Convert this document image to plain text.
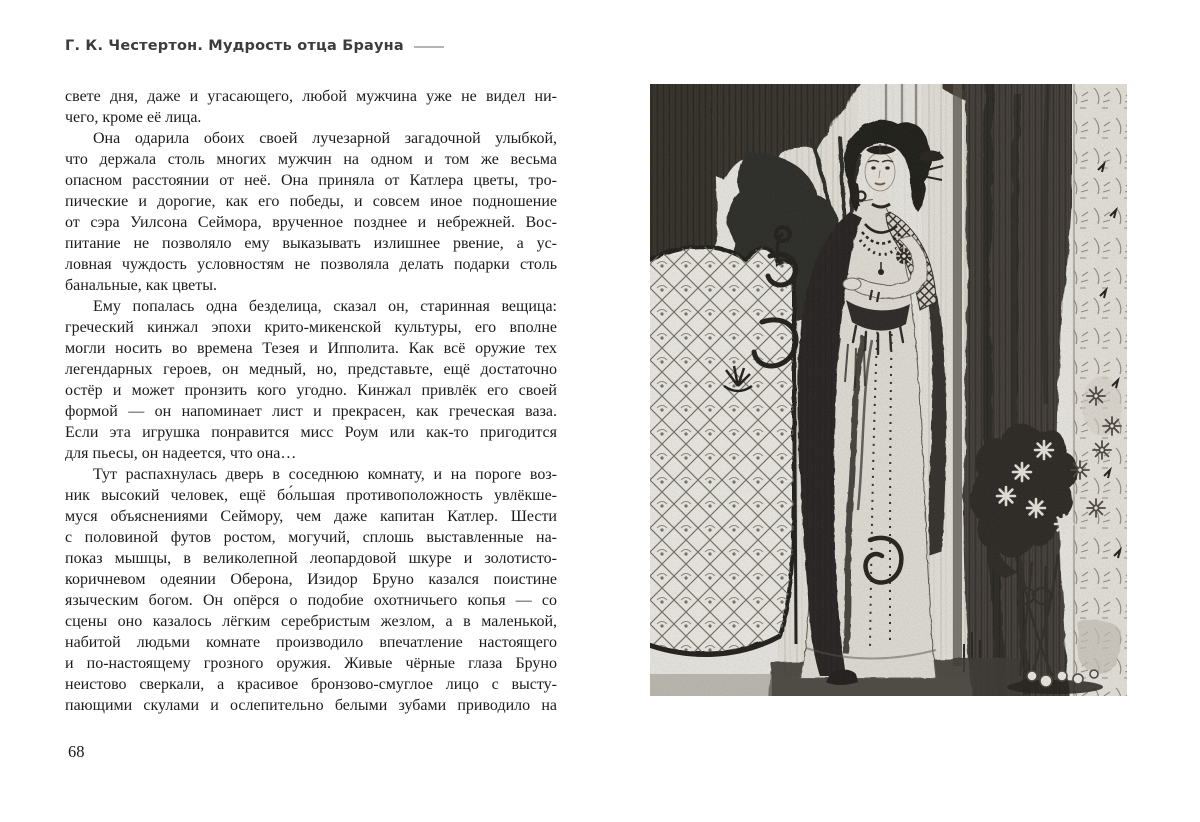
Г. К. Честертон. Мудрость отца Брауна
свете дня, даже и угасающего, любой мужчина уже не видел ни-
чего, кроме её лица.
Она одарила обоих своей лучезарной загадочной улыбкой,
что держала столь многих мужчин на одном и том же весьма
опасном расстоянии от неё. Она приняла от Катлера цветы, тро-
пические и дорогие, как его победы, и совсем иное подношение
от сэра Уилсона Сеймора, врученное позднее и небрежней. Вос-
питание не позволяло ему выказывать излишнее рвение, а ус-
ловная чуждость условностям не позволяла делать подарки столь
банальные, как цветы.
Ему попалась одна безделица, сказал он, старинная вещица:
греческий кинжал эпохи крито-микенской культуры, его вполне
могли носить во времена Тезея и Ипполита. Как всё оружие тех
легендарных героев, он медный, но, представьте, ещё достаточно
остёр и может пронзить кого угодно. Кинжал привлёк его своей
формой — он напоминает лист и прекрасен, как греческая ваза.
Если эта игрушка понравится мисс Роум или как-то пригодится
для пьесы, он надеется, что она…
Тут распахнулась дверь в соседнюю комнату, и на пороге воз-
ник высокий человек, ещё бо́льшая противоположность увлёкше-
муся объяснениями Сеймору, чем даже капитан Катлер. Шести
с половиной футов ростом, могучий, сплошь выставленные на-
показ мышцы, в великолепной леопардовой шкуре и золотисто-
коричневом одеянии Оберона, Изидор Бруно казался поистине
языческим богом. Он опёрся о подобие охотничьего копья — со
сцены оно казалось лёгким серебристым жезлом, а в маленькой,
набитой людьми комнате производило впечатление настоящего
и по-настоящему грозного оружия. Живые чёрные глаза Бруно
неистово сверкали, а красивое бронзово-смуглое лицо с высту-
пающими скулами и ослепительно белыми зубами приводило на
68
